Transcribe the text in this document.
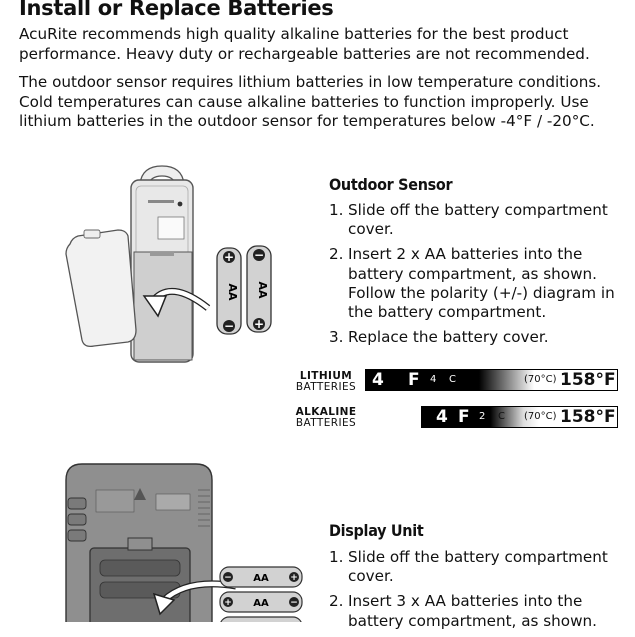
Install or Replace Batteries
AcuRite recommends high quality alkaline batteries for the best product performance. Heavy duty or rechargeable batteries are not recommended.
The outdoor sensor requires lithium batteries in low temperature conditions. Cold temperatures can cause alkaline batteries to function improperly. Use lithium batteries in the outdoor sensor for temperatures below -4°F / -20°C.
+
−
AA
−
+
AA
Outdoor Sensor
1. Slide off the battery compartment cover.
2. Insert 2 x AA batteries into the battery compartment, as shown. Follow the polarity (+/-) diagram in the battery compartment.
3. Replace the battery cover.
LITHIUM
BATTERIES 4 F 4 C	(70°C) 158°F
ALKALINE
BATTERIES	4 F 2 C (70°C) 158°F
− AA +
+ AA −
Display Unit
1. Slide off the battery compartment cover.
2. Insert 3 x AA batteries into the battery compartment, as shown.
